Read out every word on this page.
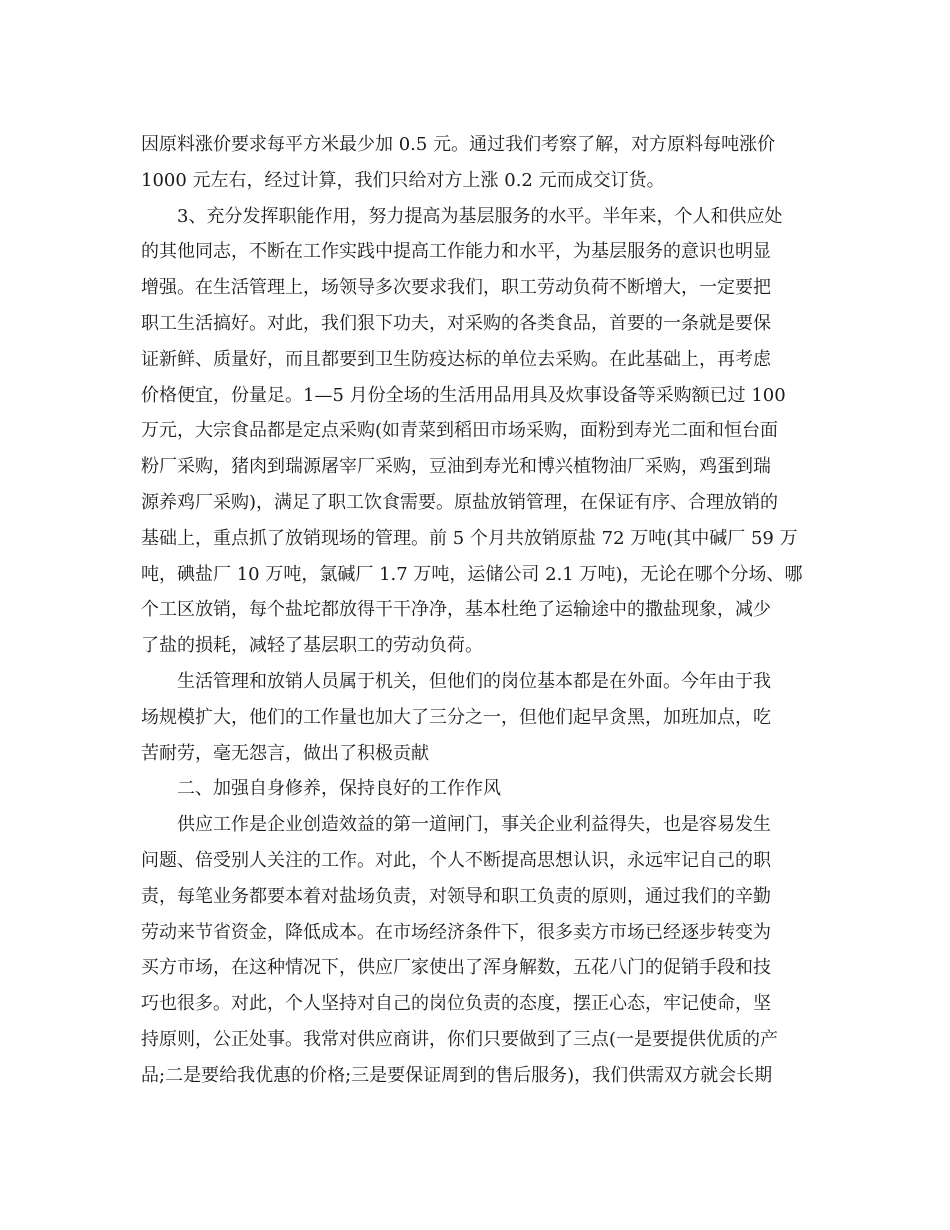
因原料涨价要求每平方米最少加 0.5 元。通过我们考察了解，对方原料每吨涨价
1000 元左右，经过计算，我们只给对方上涨 0.2 元而成交订货。
3、充分发挥职能作用，努力提高为基层服务的水平。半年来，个人和供应处
的其他同志，不断在工作实践中提高工作能力和水平，为基层服务的意识也明显
增强。在生活管理上，场领导多次要求我们，职工劳动负荷不断增大，一定要把
职工生活搞好。对此，我们狠下功夫，对采购的各类食品，首要的一条就是要保
证新鲜、质量好，而且都要到卫生防疫达标的单位去采购。在此基础上，再考虑
价格便宜，份量足。1—5 月份全场的生活用品用具及炊事设备等采购额已过 100
万元，大宗食品都是定点采购(如青菜到稻田市场采购，面粉到寿光二面和恒台面
粉厂采购，猪肉到瑞源屠宰厂采购，豆油到寿光和博兴植物油厂采购，鸡蛋到瑞
源养鸡厂采购)，满足了职工饮食需要。原盐放销管理，在保证有序、合理放销的
基础上，重点抓了放销现场的管理。前 5 个月共放销原盐 72 万吨(其中碱厂 59 万
吨，碘盐厂 10 万吨，氯碱厂 1.7 万吨，运储公司 2.1 万吨)，无论在哪个分场、哪
个工区放销，每个盐坨都放得干干净净，基本杜绝了运输途中的撒盐现象，减少
了盐的损耗，减轻了基层职工的劳动负荷。
生活管理和放销人员属于机关，但他们的岗位基本都是在外面。今年由于我
场规模扩大，他们的工作量也加大了三分之一，但他们起早贪黑，加班加点，吃
苦耐劳，毫无怨言，做出了积极贡献
二、加强自身修养，保持良好的工作作风
供应工作是企业创造效益的第一道闸门，事关企业利益得失，也是容易发生
问题、倍受别人关注的工作。对此，个人不断提高思想认识，永远牢记自己的职
责，每笔业务都要本着对盐场负责，对领导和职工负责的原则，通过我们的辛勤
劳动来节省资金，降低成本。在市场经济条件下，很多卖方市场已经逐步转变为
买方市场，在这种情况下，供应厂家使出了浑身解数，五花八门的促销手段和技
巧也很多。对此，个人坚持对自己的岗位负责的态度，摆正心态，牢记使命，坚
持原则，公正处事。我常对供应商讲，你们只要做到了三点(一是要提供优质的产
品;二是要给我优惠的价格;三是要保证周到的售后服务)，我们供需双方就会长期
